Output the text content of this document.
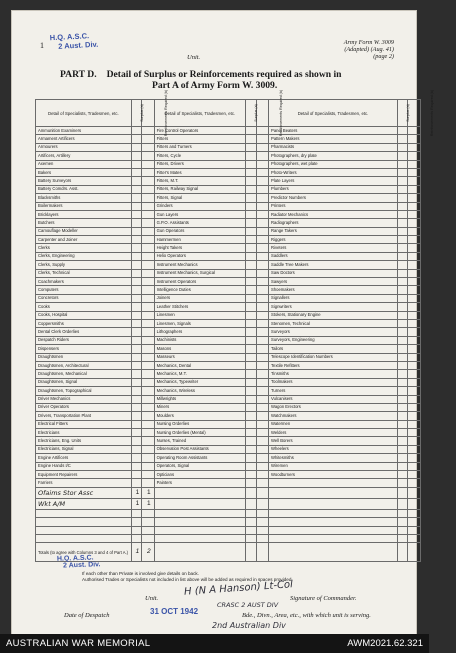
1
H.Q. A.S.C.
2 Aust. Div.	Army Form W. 3009
(Adapted) (Aug. 41)
(page 2)
Unit.
PART D. Detail of Surplus or Reinforcements required as shown in
Part A of Army Form W. 3009.
Detail of Specialists, Tradesmen, etc.	Surplus (a)	Reinforcements Required (b)	Detail of Specialists, Tradesmen, etc.	Surplus (a)	Reinforcements Required (b)	Detail of Specialists, Tradesmen, etc.	Surplus (a)	Reinforcements Required (b)
Ammunition Examiners			Fire Control Operators			Panel Beaters		
Armament Artificers			Fitters			Pattern Makers		
Armourers			Fitters and Turners			Pharmacists		
Artificers, Artillery			Fitters, Cycle			Photographers, dry plate		
Axemen			Fitters, Drivers			Photographers, wet plate		
Bakers			Fitter's Mates			Photo-Writers		
Battery Surveyors			Fitters, M.T.			Plate Layers		
Battery Comdrs. Asst.			Fitters, Railway Signal			Plumbers		
Blacksmiths			Fitters, Signal			Predictor Numbers		
Boilermakers			Grinders			Printers		
Bricklayers			Gun Layers			Radiator Mechanics		
Butchers			G.P.O. Assistants			Radiographers		
Camouflage Modeller			Gun Operators			Range Takers		
Carpenter and Joiner			Hammermen			Riggers		
Clerks			Height Takers			Riveters		
Clerks, Engineering			Helio Operators			Saddlers		
Clerks, Supply			Instrument Mechanics			Saddle Tree Makers		
Clerks, Technical			Instrument Mechanics, Surgical			Saw Doctors		
Coachmakers			Instrument Operators			Sawyers		
Computers			Intelligence Duties			Shoemakers		
Concretors			Joiners			Signallers		
Cooks			Leather Stitchers			Signwriters		
Cooks, Hospital			Linesmen			Stokers, Stationary Engine		
Coppersmiths			Linesmen, Signals			Stenomen, Technical		
Dental Clerk Orderlies			Lithographers			Surveyors		
Despatch Riders			Machinists			Surveyors, Engineering		
Dispensers			Masons			Tailors		
Draughtsmen			Masseurs			Telescope Identification Numbers		
Draughtsmen, Architectural			Mechanics, Dental			Textile Refitters		
Draughtsmen, Mechanical			Mechanics, M.T.			Tinsmiths		
Draughtsmen, Signal			Mechanics, Typewriter			Toolmakers		
Draughtsmen, Topographical			Mechanics, Wireless			Turners		
Driver Mechanics			Millwrights			Vulcanisers		
Driver Operators			Miners			Wagon Erectors		
Drivers, Transportation Plant			Moulders			Watchmakers		
Electrical Fitters			Nursing Orderlies			Watermen		
Electricians			Nursing Orderlies (Mental)			Welders		
Electricians, Eng. Units			Nurses, Trained			Well Borers		
Electricians, Signal			Observation Post Assistants			Wheelers		
Engine Artificers			Operating Room Assistants			Whitesmiths		
Engine Hands I/C			Operators, Signal			Wiremen		
Equipment Repairers			Opticians			Woodturners		
Farriers			Painters					
Ofaims Stor Assc	1	1						
Wkt A/M	1	1						

Totals (to agree with Columns 3 and 4 of Part A.)	1	2						
H.Q. A.S.C.
2 Aust. Div.
If each other than Private is involved give details on back.
Authorised Trades or Specialists not included in list above will be added as required in spaces provided.
Unit.
H (N A Hanson) Lt-Col
CRASC 2 AUST DIV
Signature of Commander.
Date of Despatch	31 OCT 1942	Bde., Divn., Area, etc., with which unit is serving.
2nd Australian Div
AUSTRALIAN WAR MEMORIAL	AWM2021.62.321
